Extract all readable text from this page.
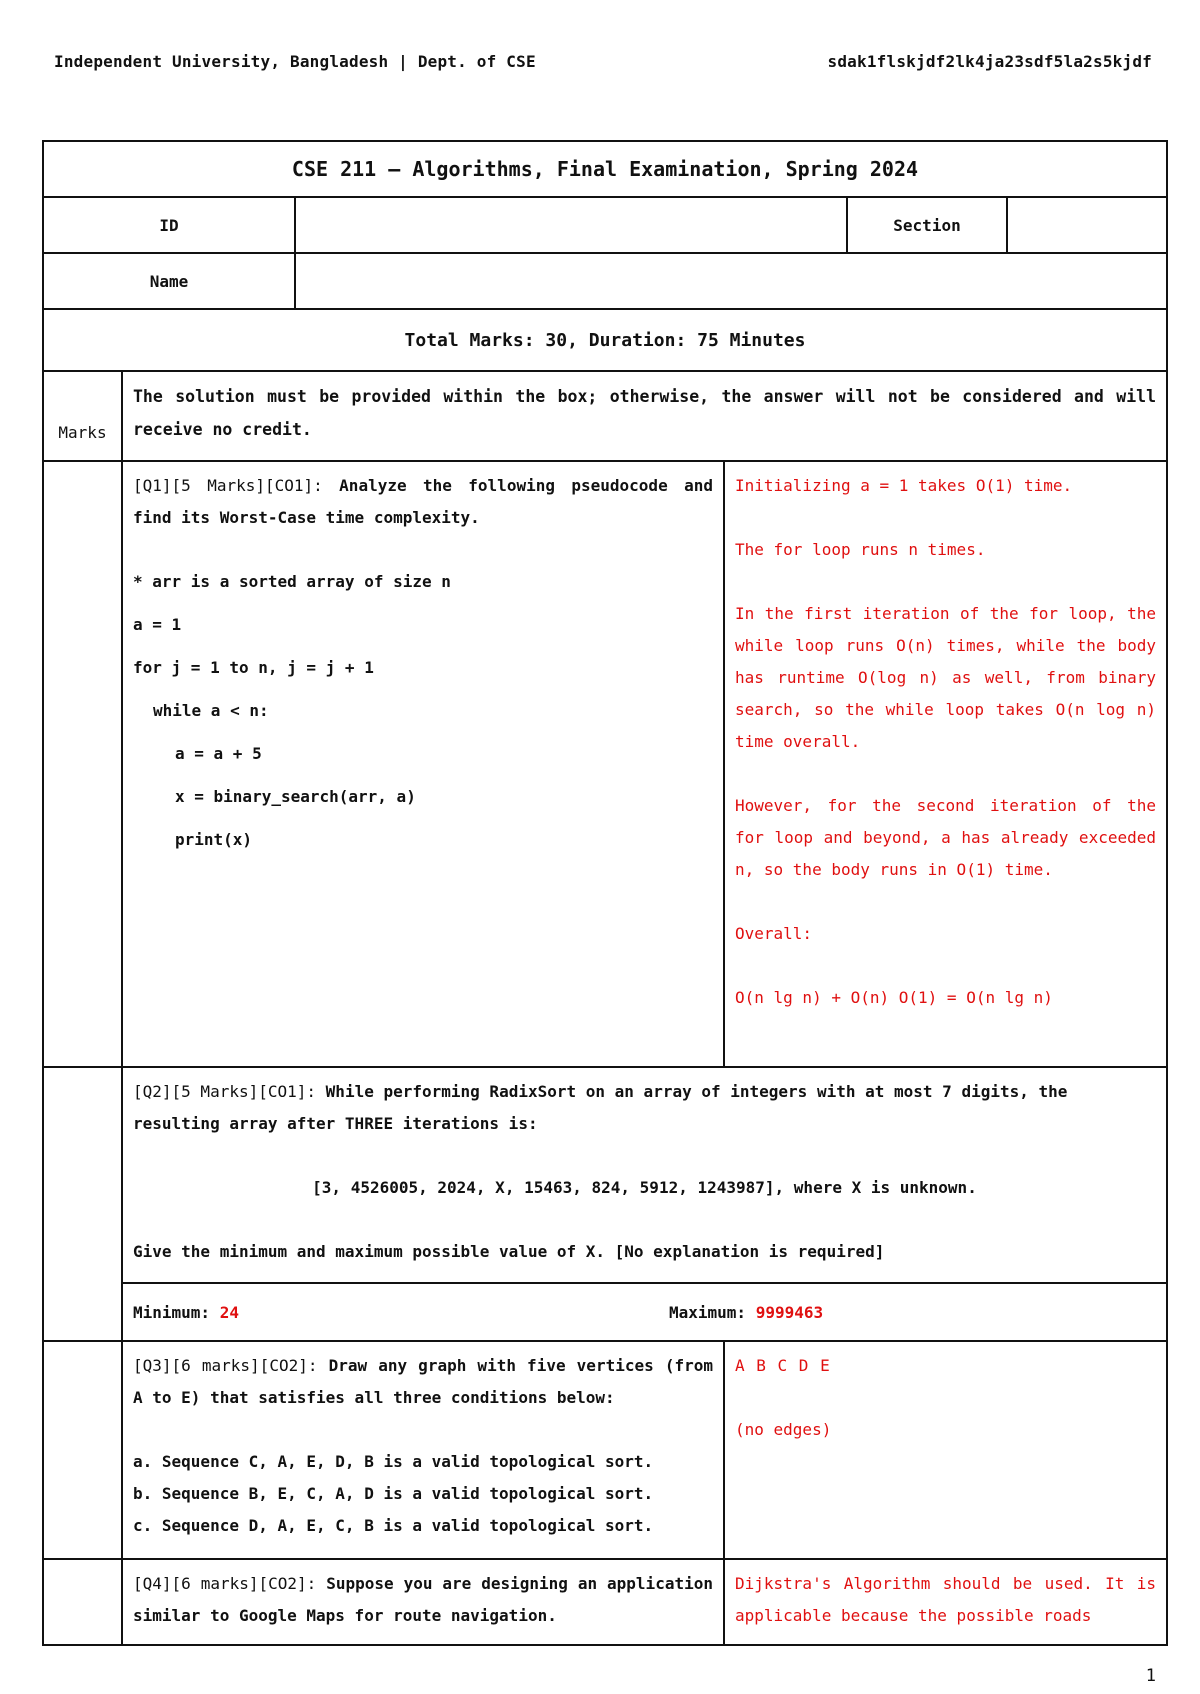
Independent University, Bangladesh | Dept. of CSE	sdak1flskjdf2lk4ja23sdf5la2s5kjdf
CSE 211 – Algorithms, Final Examination, Spring 2024
ID	Section
Name
Total Marks: 30, Duration: 75 Minutes
Marks
The solution must be provided within the box; otherwise, the answer will not be considered and will receive no credit.
[Q1][5 Marks][CO1]: Analyze the following pseudocode and find its Worst-Case time complexity.
* arr is a sorted array of size n
a = 1
for j = 1 to n, j = j + 1
while a < n:
a = a + 5
x = binary_search(arr, a)
print(x)
Initializing a = 1 takes O(1) time.
The for loop runs n times.
In the first iteration of the for loop, the while loop runs O(n) times, while the body has runtime O(log n) as well, from binary search, so the while loop takes O(n log n) time overall.
However, for the second iteration of the for loop and beyond, a has already exceeded n, so the body runs in O(1) time.
Overall:
O(n lg n) + O(n) O(1) = O(n lg n)
[Q2][5 Marks][CO1]: While performing RadixSort on an array of integers with at most 7 digits, the resulting array after THREE iterations is:
[3, 4526005, 2024, X, 15463, 824, 5912, 1243987], where X is unknown.
Give the minimum and maximum possible value of X. [No explanation is required]
Minimum: 24	Maximum: 9999463
[Q3][6 marks][CO2]: Draw any graph with five vertices (from A to E) that satisfies all three conditions below:
a. Sequence C, A, E, D, B is a valid topological sort.
b. Sequence B, E, C, A, D is a valid topological sort.
c. Sequence D, A, E, C, B is a valid topological sort.
A B C D E
(no edges)
[Q4][6 marks][CO2]: Suppose you are designing an application similar to Google Maps for route navigation.
Dijkstra's Algorithm should be used. It is applicable because the possible roads
1
